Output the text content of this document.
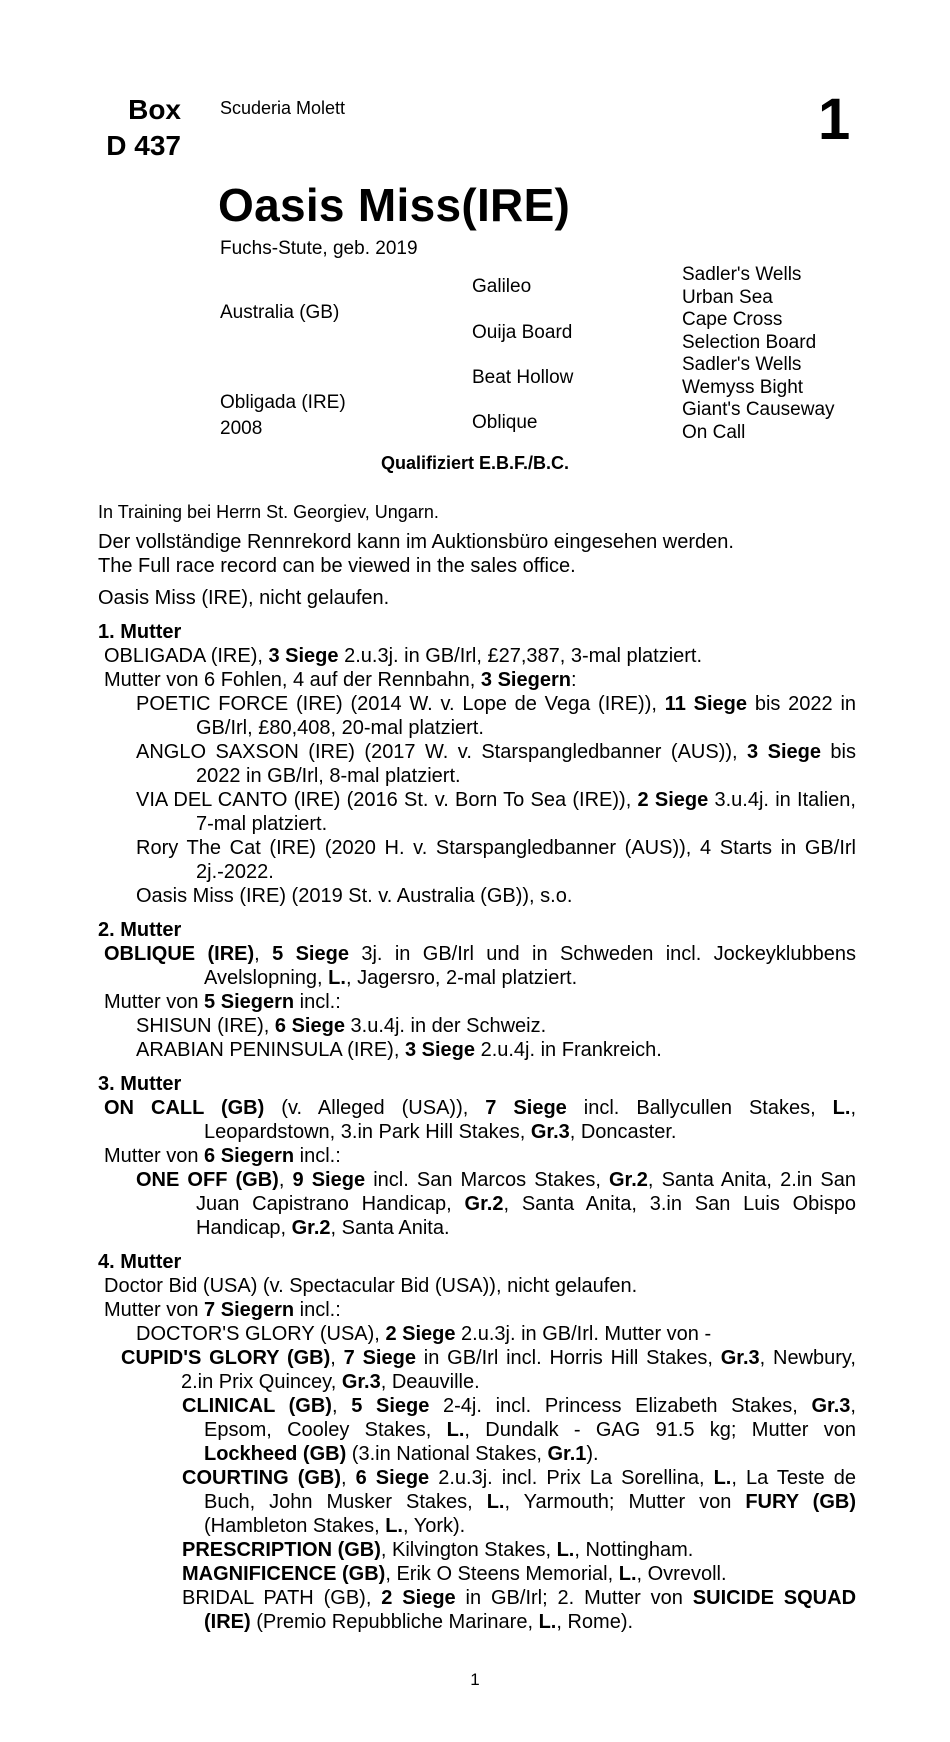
Box
D 437
Scuderia Molett	1
Oasis Miss(IRE)
Fuchs-Stute, geb. 2019
Australia (GB)
Obligada (IRE)
2008
Galileo
Ouija Board
Beat Hollow
Oblique
Sadler's Wells
Urban Sea
Cape Cross
Selection Board
Sadler's Wells
Wemyss Bight
Giant's Causeway
On Call
Qualifiziert E.B.F./B.C.

In Training bei Herrn St. Georgiev, Ungarn.

Der vollständige Rennrekord kann im Auktionsbüro eingesehen werden.

The Full race record can be viewed in the sales office.

Oasis Miss (IRE), nicht gelaufen.

1. Mutter

OBLIGADA (IRE), 3 Siege 2.u.3j. in GB/Irl, £27,387, 3-mal platziert.

Mutter von 6 Fohlen, 4 auf der Rennbahn, 3 Siegern:

POETIC FORCE (IRE) (2014 W. v. Lope de Vega (IRE)), 11 Siege bis 2022 in GB/Irl, £80,408, 20-mal platziert.

ANGLO SAXSON (IRE) (2017 W. v. Starspangledbanner (AUS)), 3 Siege bis 2022 in GB/Irl, 8-mal platziert.

VIA DEL CANTO (IRE) (2016 St. v. Born To Sea (IRE)), 2 Siege 3.u.4j. in Italien, 7-mal platziert.

Rory The Cat (IRE) (2020 H. v. Starspangledbanner (AUS)), 4 Starts in GB/Irl 2j.-2022.

Oasis Miss (IRE) (2019 St. v. Australia (GB)), s.o.

2. Mutter

OBLIQUE (IRE), 5 Siege 3j. in GB/Irl und in Schweden incl. Jockeyklubbens Avelslopning, L., Jagersro, 2-mal platziert.

Mutter von 5 Siegern incl.:

SHISUN (IRE), 6 Siege 3.u.4j. in der Schweiz.

ARABIAN PENINSULA (IRE), 3 Siege 2.u.4j. in Frankreich.

3. Mutter

ON CALL (GB) (v. Alleged (USA)), 7 Siege incl. Ballycullen Stakes, L., Leopardstown, 3.in Park Hill Stakes, Gr.3, Doncaster.

Mutter von 6 Siegern incl.:

ONE OFF (GB), 9 Siege incl. San Marcos Stakes, Gr.2, Santa Anita, 2.in San Juan Capistrano Handicap, Gr.2, Santa Anita, 3.in San Luis Obispo Handicap, Gr.2, Santa Anita.

4. Mutter

Doctor Bid (USA) (v. Spectacular Bid (USA)), nicht gelaufen.

Mutter von 7 Siegern incl.:

DOCTOR'S GLORY (USA), 2 Siege 2.u.3j. in GB/Irl. Mutter von -

CUPID'S GLORY (GB), 7 Siege in GB/Irl incl. Horris Hill Stakes, Gr.3, Newbury, 2.in Prix Quincey, Gr.3, Deauville.

CLINICAL (GB), 5 Siege 2-4j. incl. Princess Elizabeth Stakes, Gr.3, Epsom, Cooley Stakes, L., Dundalk - GAG 91.5 kg; Mutter von Lockheed (GB) (3.in National Stakes, Gr.1).

COURTING (GB), 6 Siege 2.u.3j. incl. Prix La Sorellina, L., La Teste de Buch, John Musker Stakes, L., Yarmouth; Mutter von FURY (GB) (Hambleton Stakes, L., York).

PRESCRIPTION (GB), Kilvington Stakes, L., Nottingham.

MAGNIFICENCE (GB), Erik O Steens Memorial, L., Ovrevoll.

BRIDAL PATH (GB), 2 Siege in GB/Irl; 2. Mutter von SUICIDE SQUAD (IRE) (Premio Repubbliche Marinare, L., Rome).

1
